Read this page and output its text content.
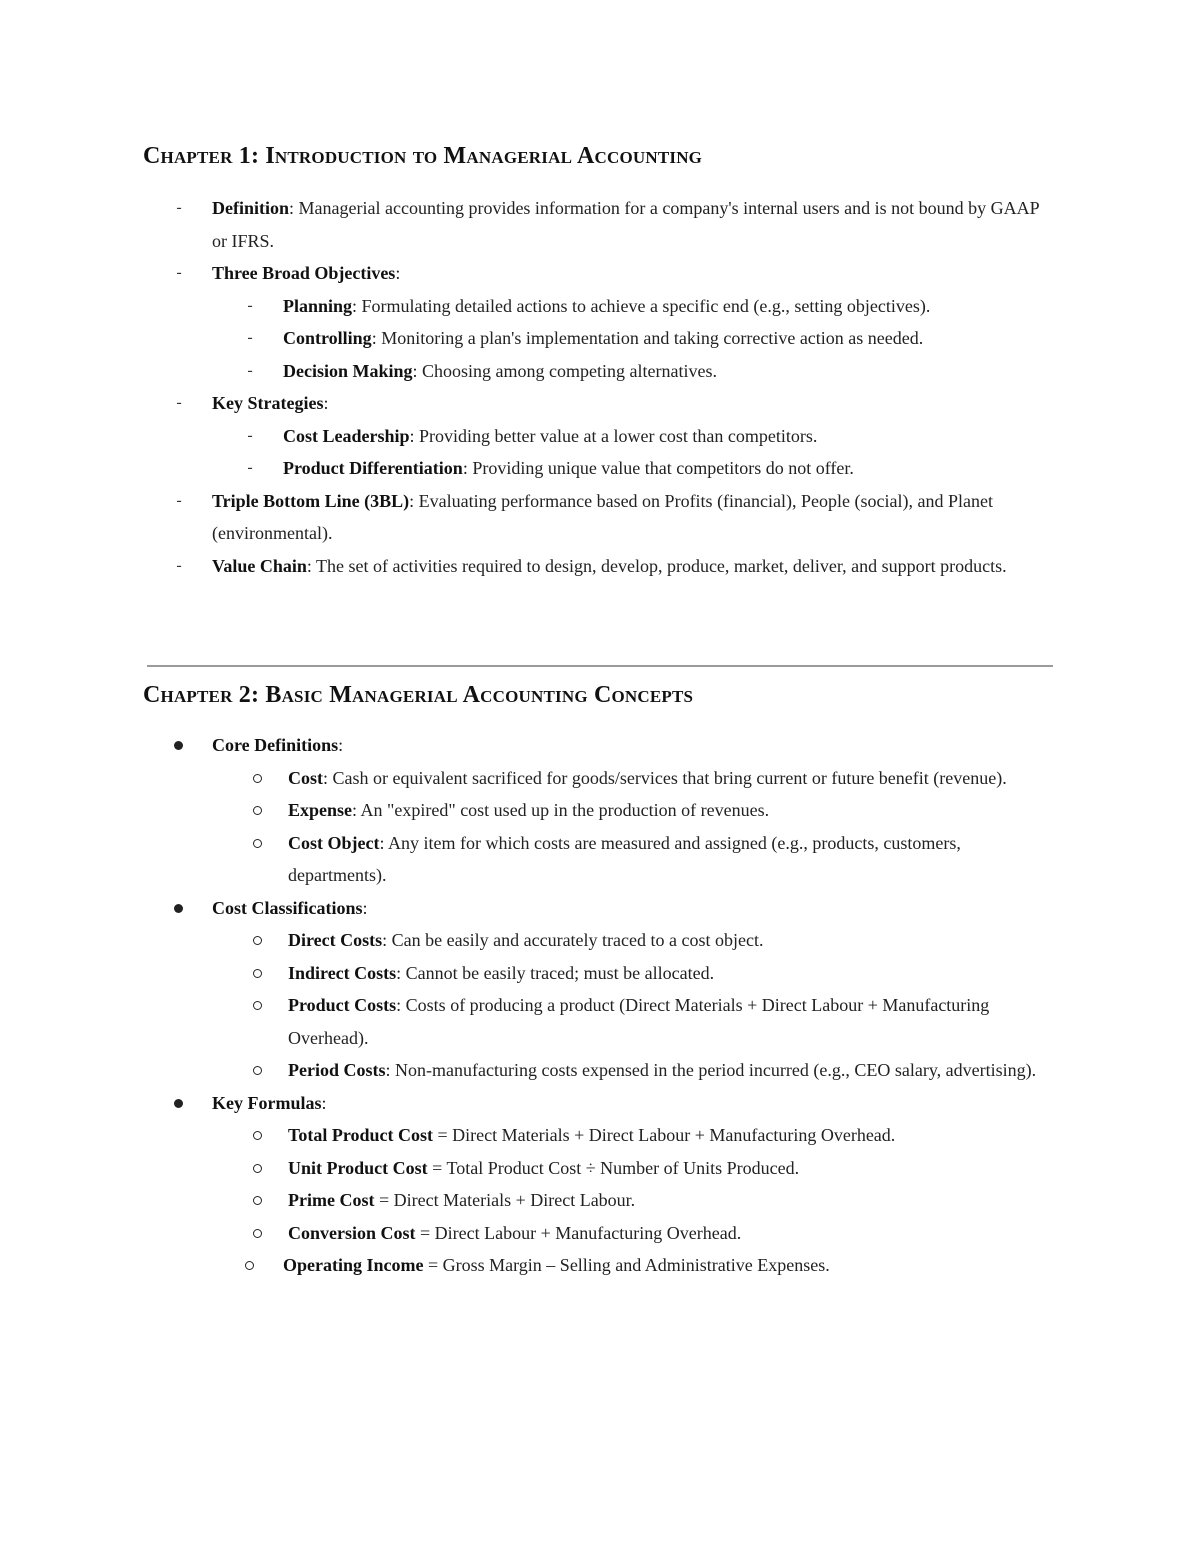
Chapter 1: Introduction to Managerial Accounting
- Definition: Managerial accounting provides information for a company's internal users and is not bound by GAAP or IFRS.
- Three Broad Objectives:
- Planning: Formulating detailed actions to achieve a specific end (e.g., setting objectives).
- Controlling: Monitoring a plan's implementation and taking corrective action as needed.
- Decision Making: Choosing among competing alternatives.
- Key Strategies:
- Cost Leadership: Providing better value at a lower cost than competitors.
- Product Differentiation: Providing unique value that competitors do not offer.
- Triple Bottom Line (3BL): Evaluating performance based on Profits (financial), People (social), and Planet (environmental).
- Value Chain: The set of activities required to design, develop, produce, market, deliver, and support products.
Chapter 2: Basic Managerial Accounting Concepts
Core Definitions:
Cost: Cash or equivalent sacrificed for goods/services that bring current or future benefit (revenue).
Expense: An "expired" cost used up in the production of revenues.
Cost Object: Any item for which costs are measured and assigned (e.g., products, customers, departments).
Cost Classifications:
Direct Costs: Can be easily and accurately traced to a cost object.
Indirect Costs: Cannot be easily traced; must be allocated.
Product Costs: Costs of producing a product (Direct Materials + Direct Labour + Manufacturing Overhead).
Period Costs: Non-manufacturing costs expensed in the period incurred (e.g., CEO salary, advertising).
Key Formulas:
Total Product Cost = Direct Materials + Direct Labour + Manufacturing Overhead.
Unit Product Cost = Total Product Cost ÷ Number of Units Produced.
Prime Cost = Direct Materials + Direct Labour.
Conversion Cost = Direct Labour + Manufacturing Overhead.
Operating Income = Gross Margin – Selling and Administrative Expenses.
